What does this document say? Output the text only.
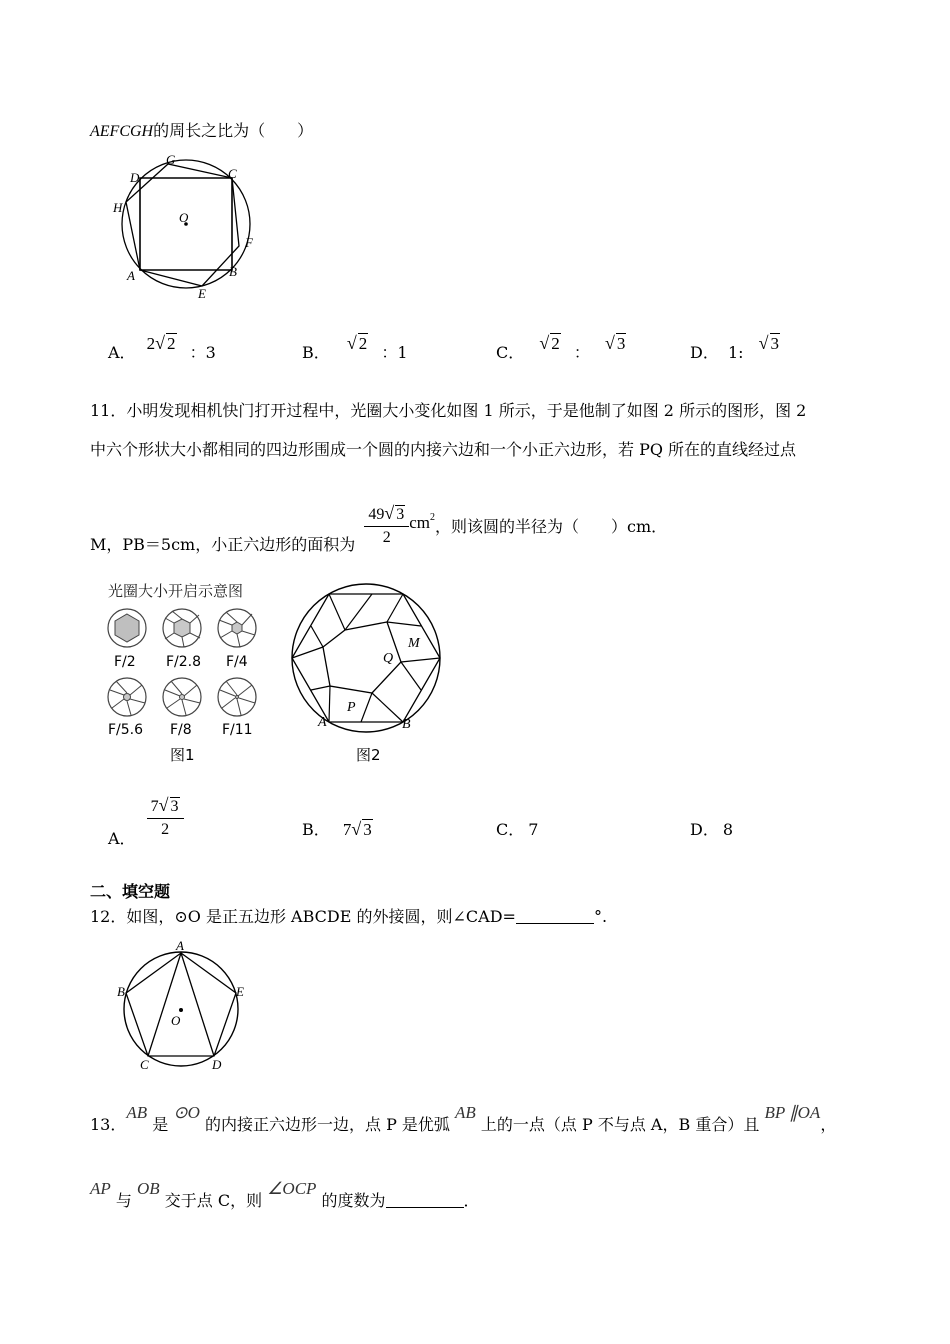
AEFCGH的周长之比为（　　）
G
C
D
H
O
F
A	B
E
A． 2√ 2 ：3	B． √ 2 ：1	C． √ 2 ： √ 3	D． 1: √ 3
11．小明发现相机快门打开过程中，光圈大小变化如图 1 所示，于是他制了如图 2 所示的图形，图 2
中六个形状大小都相同的四边形围成一个圆的内接六边和一个小正六边形，若 PQ 所在的直线经过点
M，PB＝5cm，小正六边形的面积为 $\frac{49√ 3}{2} cm^2$，则该圆的半径为（　　）cm．
光圈大小开启示意图
F/2 F/2.8 F/4
F/5.6 F/8 F/11
图1
M
Q
P
A	B
图2
A． $\frac{7√ 3}{2}$	B． 7√ 3	C． 7	D． 8
二、填空题
12．如图，⊙O 是正五边形 ABCDE 的外接圆，则∠CAD=	°.
A
B	E
O
C	D
13．AB 是 ⊙O 的内接正六边形一边，点 P 是优弧 AB 上的一点（点 P 不与点 A，B 重合）且 BP ∥OA，
AP 与 OB 交于点 C，则 ∠OCP 的度数为	．
